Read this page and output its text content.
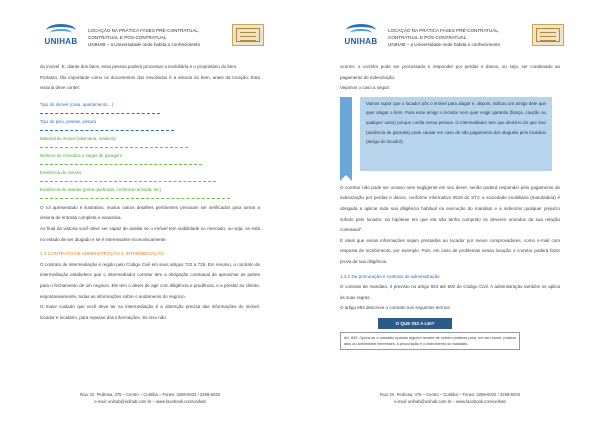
UNIHAB
LOCAÇÃO NA PRÁTICA FASES PRÉ-CONTRATUAL,
CONTRATUAL E PÓS-CONTRATUAL
UNIHAB – a Universidade onde habita o conhecimento

do imóvel. E, diante dos fatos, essa pessoa poderá processar a imobiliária e o proprietário do bem.

Portanto, tão importante como os documentos dos envolvidos é a vistoria do bem, antes da locação. Esta vistoria deve conter:

Tipo do imóvel (casa, apartamento…)
Tipo do piso, janelas, pintura
Material do imóvel (alvenaria, madeira)
Número de cômodos e vagas de garagem
Existência de móveis
Existência de avarias (porta quebrada, cerâmica rachada, etc)

O rol apresentado é ilustrativo, muitos outros detalhes pertinentes precisam ser verificados para tornar a vistoria de entrada completa e exaustiva.

Ao final da vistoria você deve ser capaz de avaliar se o imóvel tem viabilidade no mercado, ou seja, se está no estado de ser alugado e se é interessante economicamente.

1.3 CONTRATO DE ADMINISTRAÇÃO E INTERMEDIAÇÃO

O contrato de intermediação é regido pelo Código Civil em seus artigos 722 a 729. Em resumo, o contrato de intermediação estabelece que o intermediador corretor tem a obrigação contratual de aproximar as partes para o fechamento de um negócio. Ele tem o dever de agir com diligência e prudência, e a prestar ao cliente, espontaneamente, todas as informações sobre o andamento do negócio.

O maior cuidado que você deve ter na intermediação é a obtenção precisa das informações do imóvel, locador e locatário, para repasse das informações. Se isso não

Rua: Dr. Pedrosa, 475 – Centro – Curitiba – Fones: 3259-6032 / 3259-6033
e-mail: unihab@unihab.com.br – www.facebook.com/unihab
UNIHAB
LOCAÇÃO NA PRÁTICA FASES PRÉ-CONTRATUAL,
CONTRATUAL E PÓS-CONTRATUAL
UNIHAB – a Universidade onde habita o conhecimento

ocorrer, o corretor pode ser processado e responder por perdas e danos, ou seja, ser condenado ao pagamento de indenização.

Vejamos o caso a seguir:

Vamos supor que o locador pôs o imóvel para alugar e, depois, indicou um amigo dele que quer alugar o bem. Para esse amigo o locador nem quer exigir garantia (fiança, caução ou qualquer outra) porque confia nessa pessoa. O intermediador tem que alertá-lo do que isso (ausência de garantia) pode causar em caso de não pagamento dos aluguéis pelo locatário (amigo do locador).

O corretor não pode ser omisso nem negligente em seu dever, senão poderá responder pelo pagamento de indenização por perdas e danos, conforme informativo 0519 do STJ: a sociedade imobiliária (mandatária) é obrigada a aplicar toda sua diligência habitual na execução do mandato e a indenizar qualquer prejuízo sofrido pelo locador, na hipótese em que ela não tenha cumprido os deveres oriundos da sua relação contratual”.

É ideal que essas informações sejam prestadas ao locador por meios comprovadores, como e-mail com resposta de recebimento, por exemplo. Pois, em caso de problemas nessa locação o corretor poderá fazer prova de sua diligência.

1.3.1 Da procuração e contrato de administração

O contrato de mandato, é previsto no artigo 653 até 692 do Código Civil. A administração também se aplica às suas regras.

O artigo 653 descreve o contrato nos seguintes termos:

O QUE DIZ A LEI?
Art. 653. Opera-se o mandato quando alguém recebe de outrem poderes para, em seu nome, praticar atos ou administrar interesses. A procuração é o instrumento do mandato.
Rua: Dr. Pedrosa, 475 – Centro – Curitiba – Fones: 3259-6032 / 3259-6033
e-mail: unihab@unihab.com.br – www.facebook.com/unihab
